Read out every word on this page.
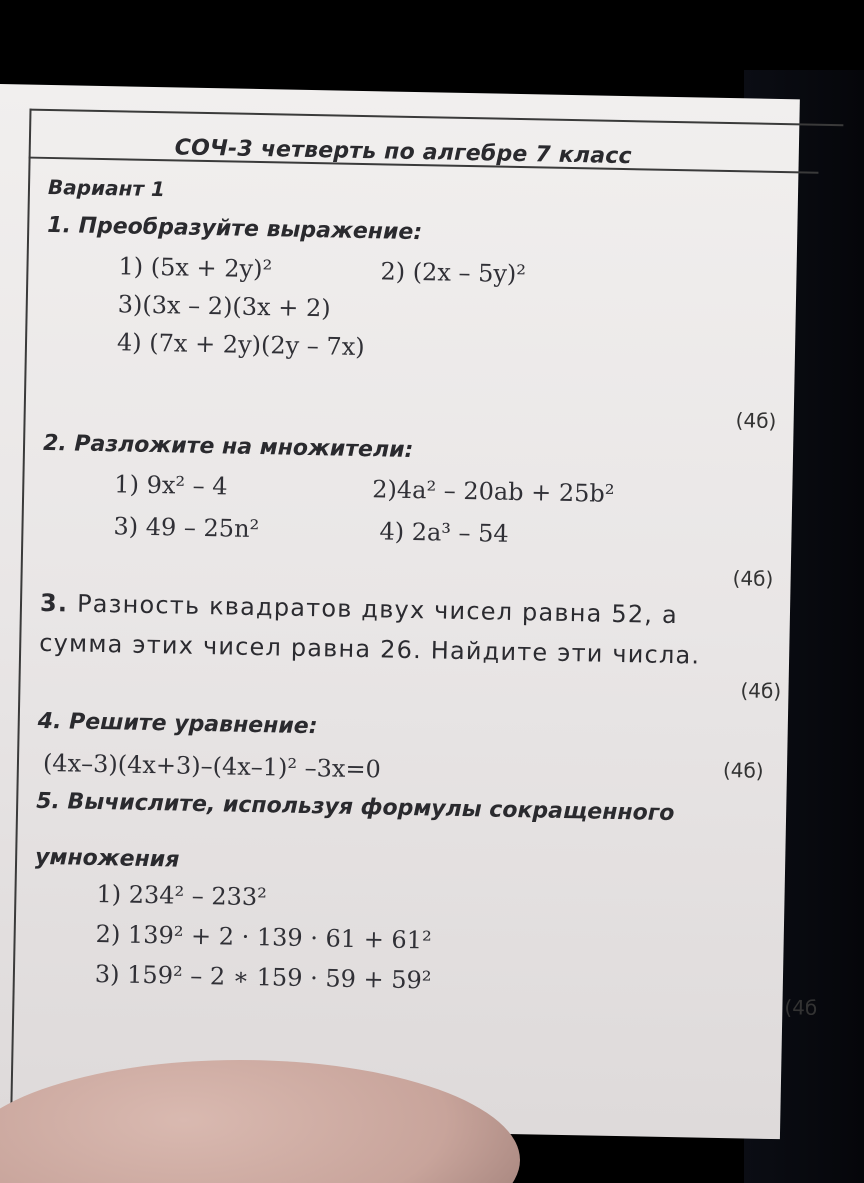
СОЧ-3 четверть по алгебре 7 класс
Вариант 1
1. Преобразуйте выражение:
1) (5x + 2y)²	2) (2x – 5y)²
3)(3x – 2)(3x + 2)
4) (7x + 2y)(2y – 7x)
(4б)
2. Разложите на множители:
1) 9x² – 4	2)4a² – 20ab + 25b²
3) 49 – 25n²	4) 2a³ – 54
(4б)
3. Разность квадратов двух чисел равна 52, а
сумма этих чисел равна 26. Найдите эти числа.
(4б)
4. Решите уравнение:
(4x–3)(4x+3)–(4x–1)² –3x=0	(4б)
5. Вычислите, используя формулы сокращенного
умножения
1) 234² – 233²
2) 139² + 2 · 139 · 61 + 61²
3) 159² – 2 ∗ 159 · 59 + 59²
(4б
